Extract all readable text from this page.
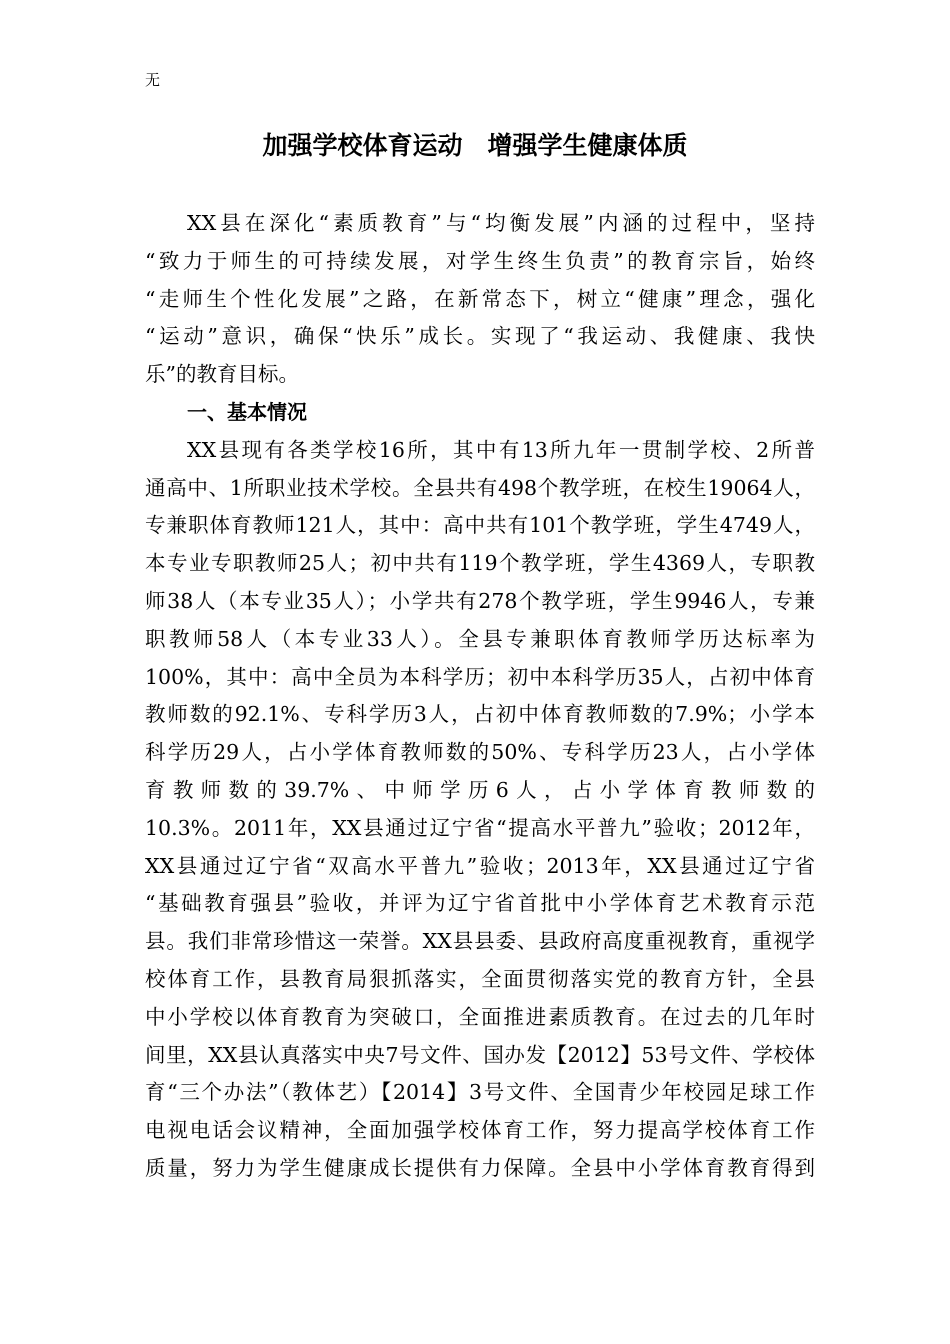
无
加强学校体育运动　增强学生健康体质
XX县在深化“素质教育”与“均衡发展”内涵的过程中，坚持
“致力于师生的可持续发展，对学生终生负责”的教育宗旨，始终
“走师生个性化发展”之路，在新常态下，树立“健康”理念，强化
“运动”意识，确保“快乐”成长。实现了“我运动、我健康、我快
乐”的教育目标。
一、基本情况
XX县现有各类学校16所，其中有13所九年一贯制学校、2所普
通高中、1所职业技术学校。全县共有498个教学班，在校生19064人，
专兼职体育教师121人，其中：高中共有101个教学班，学生4749人，
本专业专职教师25人；初中共有119个教学班，学生4369人，专职教
师38人（本专业35人）；小学共有278个教学班，学生9946人，专兼
职教师58人（本专业33人）。全县专兼职体育教师学历达标率为
100%，其中：高中全员为本科学历；初中本科学历35人，占初中体育
教师数的92.1%、专科学历3人，占初中体育教师数的7.9%；小学本
科学历29人，占小学体育教师数的50%、专科学历23人，占小学体
育教师数的39.7%、中师学历6人，占小学体育教师数的
10.3%。2011年，XX县通过辽宁省“提高水平普九”验收；2012年，
XX县通过辽宁省“双高水平普九”验收；2013年，XX县通过辽宁省
“基础教育强县”验收，并评为辽宁省首批中小学体育艺术教育示范
县。我们非常珍惜这一荣誉。XX县县委、县政府高度重视教育，重视学
校体育工作，县教育局狠抓落实，全面贯彻落实党的教育方针，全县
中小学校以体育教育为突破口，全面推进素质教育。在过去的几年时
间里，XX县认真落实中央7号文件、国办发【2012】53号文件、学校体
育“三个办法”（教体艺）【2014】3号文件、全国青少年校园足球工作
电视电话会议精神，全面加强学校体育工作，努力提高学校体育工作
质量，努力为学生健康成长提供有力保障。全县中小学体育教育得到
